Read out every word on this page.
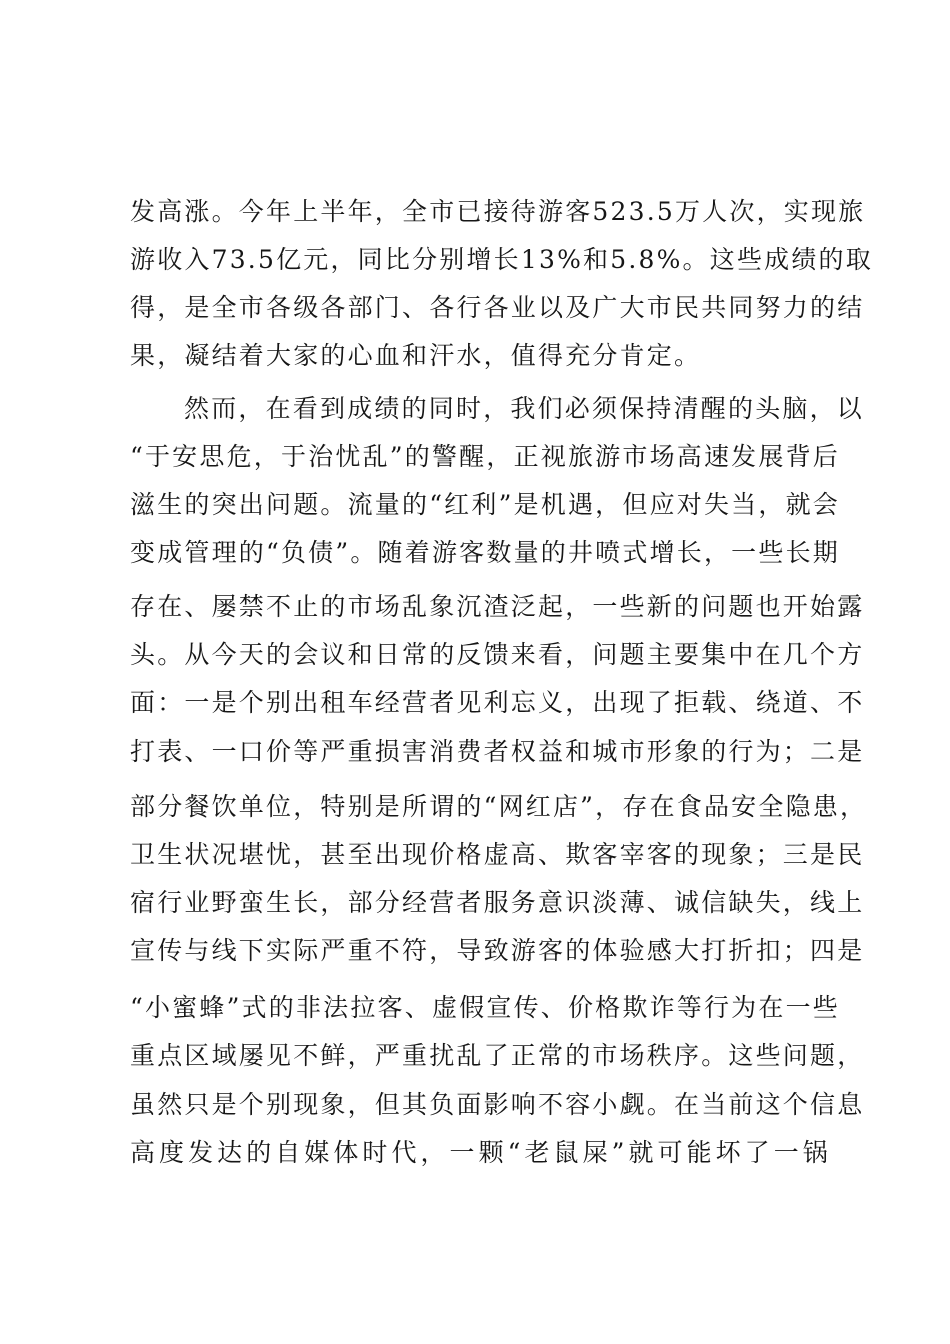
发高涨。今年上半年，全市已接待游客523.5万人次，实现旅
游收入73.5亿元，同比分别增长13%和5.8%。这些成绩的取
得，是全市各级各部门、各行各业以及广大市民共同努力的结
果，凝结着大家的心血和汗水，值得充分肯定。
然而，在看到成绩的同时，我们必须保持清醒的头脑，以
“于安思危，于治忧乱”的警醒，正视旅游市场高速发展背后
滋生的突出问题。流量的“红利”是机遇，但应对失当，就会
变成管理的“负债”。随着游客数量的井喷式增长，一些长期
存在、屡禁不止的市场乱象沉渣泛起，一些新的问题也开始露
头。从今天的会议和日常的反馈来看，问题主要集中在几个方
面：一是个别出租车经营者见利忘义，出现了拒载、绕道、不
打表、一口价等严重损害消费者权益和城市形象的行为；二是
部分餐饮单位，特别是所谓的“网红店”，存在食品安全隐患，
卫生状况堪忧，甚至出现价格虚高、欺客宰客的现象；三是民
宿行业野蛮生长，部分经营者服务意识淡薄、诚信缺失，线上
宣传与线下实际严重不符，导致游客的体验感大打折扣；四是
“小蜜蜂”式的非法拉客、虚假宣传、价格欺诈等行为在一些
重点区域屡见不鲜，严重扰乱了正常的市场秩序。这些问题，
虽然只是个别现象，但其负面影响不容小觑。在当前这个信息
高度发达的自媒体时代，一颗“老鼠屎”就可能坏了一锅
